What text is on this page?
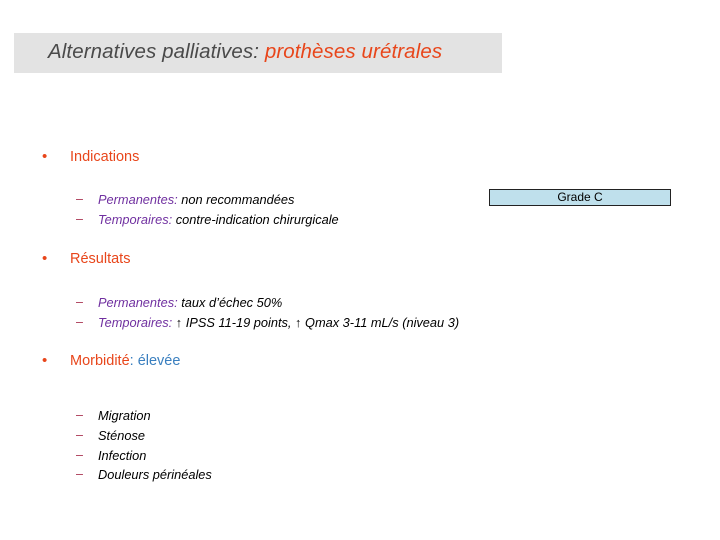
Alternatives palliatives: prothèses urétrales
• Indications
– Permanentes: non recommandées
– Temporaires: contre-indication chirurgicale
Grade C
• Résultats
– Permanentes: taux d’échec 50%
– Temporaires: ↑ IPSS 11-19 points, ↑ Qmax 3-11 mL/s (niveau 3)
• Morbidité : élevée
– Migration
– Sténose
– Infection
– Douleurs périnéales
